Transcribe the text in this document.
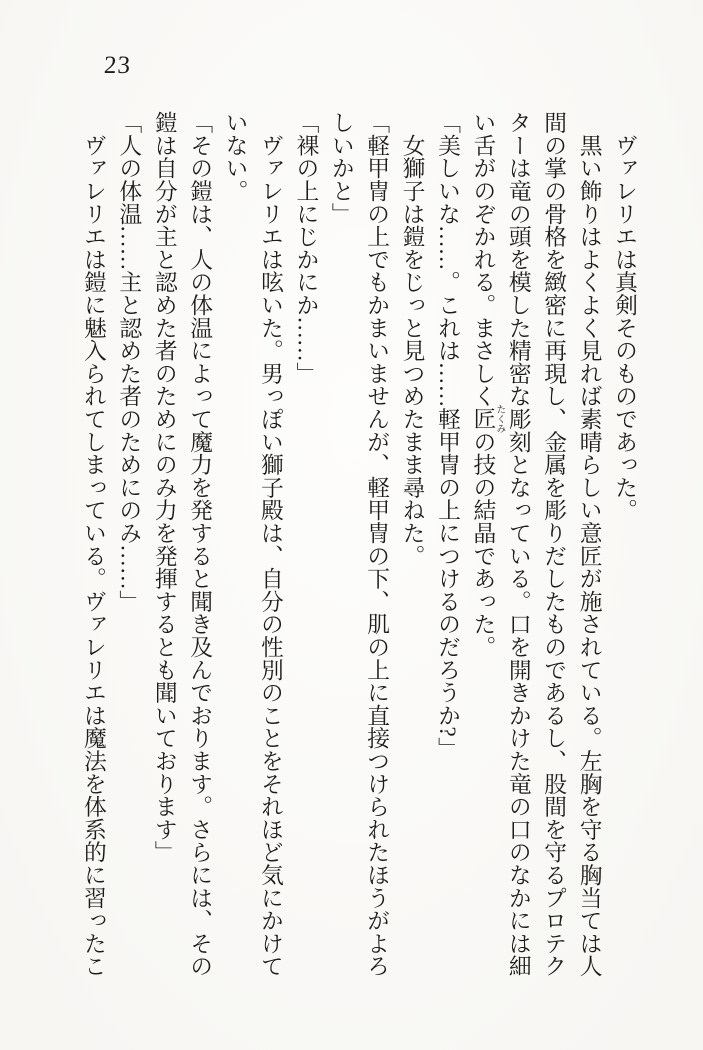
23

　ヴァレリエは真剣そのものであった。

　黒い飾りはよくよく見れば素晴らしい意匠が施されている。左胸を守る胸当ては人間の掌の骨格を緻密に再現し、金属を彫りだしたものであるし、股間を守るプロテクターは竜の頭を模した精密な彫刻となっている。口を開きかけた竜の口のなかには細い舌がのぞかれる。まさしく匠 たくみの技の結晶であった。

「美しいな……。これは……軽甲冑の上につけるのだろうか?」

　女獅子は鎧をじっと見つめたまま尋ねた。

「軽甲冑の上でもかまいませんが、軽甲冑の下、肌の上に直接つけられたほうがよろしいかと」

「裸の上にじかにか……」

　ヴァレリエは呟いた。男っぽい獅子殿は、自分の性別のことをそれほど気にかけていない。

「その鎧は、人の体温によって魔力を発すると聞き及んでおります。さらには、その鎧は自分が主と認めた者のためにのみ力を発揮するとも聞いております」

「人の体温……主と認めた者のためにのみ……」

　ヴァレリエは鎧に魅入られてしまっている。ヴァレリエは魔法を体系的に習ったこ
